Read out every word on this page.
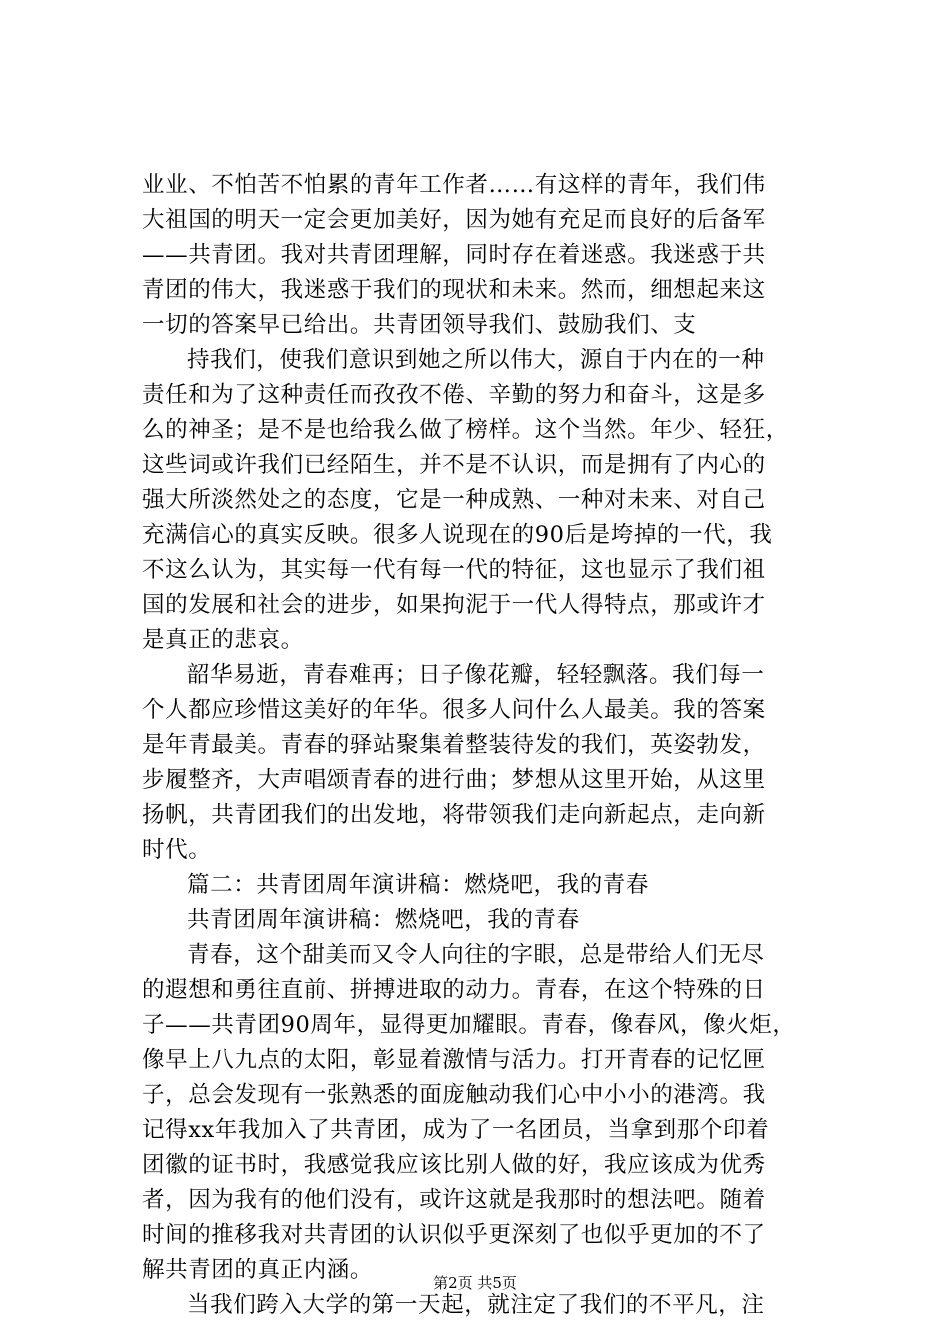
业业、不怕苦不怕累的青年工作者……有这样的青年，我们伟
大祖国的明天一定会更加美好，因为她有充足而良好的后备军
——共青团。我对共青团理解，同时存在着迷惑。我迷惑于共
青团的伟大，我迷惑于我们的现状和未来。然而，细想起来这
一切的答案早已给出。共青团领导我们、鼓励我们、支
持我们，使我们意识到她之所以伟大，源自于内在的一种
责任和为了这种责任而孜孜不倦、辛勤的努力和奋斗，这是多
么的神圣；是不是也给我么做了榜样。这个当然。年少、轻狂，
这些词或许我们已经陌生，并不是不认识，而是拥有了内心的
强大所淡然处之的态度，它是一种成熟、一种对未来、对自己
充满信心的真实反映。很多人说现在的90后是垮掉的一代，我
不这么认为，其实每一代有每一代的特征，这也显示了我们祖
国的发展和社会的进步，如果拘泥于一代人得特点，那或许才
是真正的悲哀。
韶华易逝，青春难再；日子像花瓣，轻轻飘落。我们每一
个人都应珍惜这美好的年华。很多人问什么人最美。我的答案
是年青最美。青春的驿站聚集着整装待发的我们，英姿勃发，
步履整齐，大声唱颂青春的进行曲；梦想从这里开始，从这里
扬帆，共青团我们的出发地，将带领我们走向新起点，走向新
时代。
篇二：共青团周年演讲稿：燃烧吧，我的青春
共青团周年演讲稿：燃烧吧，我的青春
青春，这个甜美而又令人向往的字眼，总是带给人们无尽
的遐想和勇往直前、拼搏进取的动力。青春，在这个特殊的日
子——共青团90周年，显得更加耀眼。青春，像春风，像火炬，
像早上八九点的太阳，彰显着激情与活力。打开青春的记忆匣
子，总会发现有一张熟悉的面庞触动我们心中小小的港湾。我
记得xx年我加入了共青团，成为了一名团员，当拿到那个印着
团徽的证书时，我感觉我应该比别人做的好，我应该成为优秀
者，因为我有的他们没有，或许这就是我那时的想法吧。随着
时间的推移我对共青团的认识似乎更深刻了也似乎更加的不了
解共青团的真正内涵。
当我们跨入大学的第一天起，就注定了我们的不平凡，注
第2页 共5页
